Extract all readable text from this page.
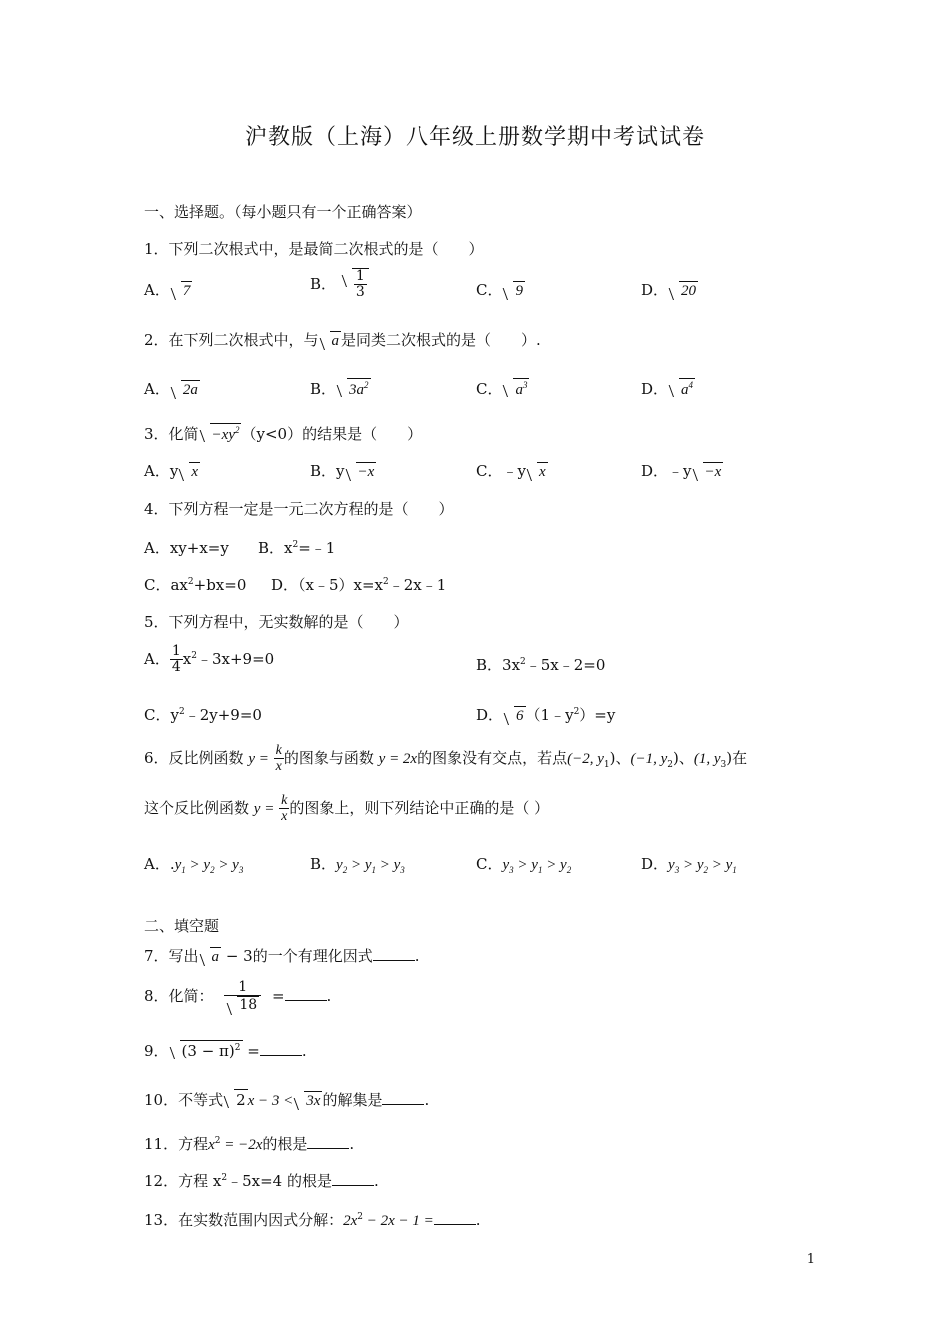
沪教版（上海）八年级上册数学期中考试试卷
一、选择题。（每小题只有一个正确答案）
1．下列二次根式中，是最简二次根式的是（　　）
A． 7	B． $\frac{1}{3}$	C． 9	D． 20
2．在下列二次根式中，与 a 是同类二次根式的是（　　）.
A． 2a	B． $3a^2$	C． $a^3$	D． $a^4$
3．化简 $-xy^2$ （y<0）的结果是（　　）
A．y x	B．y −x	C．﹣y x	D．﹣y −x
4．下列方程一定是一元二次方程的是（　　）
A．xy+x=y B．$x^2=﹣1$
C．$ax^2+bx=0$ D．$(x﹣5)x=x^2﹣2x﹣1$
5．下列方程中，无实数解的是（　　）
A． $\frac{1}{4}$ $x^2﹣3x+9=0$	B．$3x^2﹣5x﹣2=0$
C．$y^2﹣2y+9=0$	D． 6 $(1﹣y^2)=y$
6．反比例函数 $y = \frac{k}{x}$ 的图象与函数 y = 2x的图象没有交点，若点(−2, $y_1$)、(−1, $y_2$)、(1, $y_3$)在
这个反比例函数 $y = \frac{k}{x}$ 的图象上，则下列结论中正确的是（ ）
A．$.y_1 > y_2 > y_3$	B．$y_2 > y_1 > y_3$	C．$y_3 > y_1 > y_2$	D．$y_3 > y_2 > y_1$
二、填空题
7．写出 a − 3的一个有理化因式	.
8．化简： $\frac{1}{18}$ =	.
9． $(3 - \pi)^2$ =	.
10．不等式 2 x − 3 < 3x 的解集是	.
11．方程$x^2 = -2x$的根是	.
12．方程 $x^2﹣5x=4$ 的根是	.
13．在实数范围内因式分解：$2x^2 - 2x - 1$ =	.
1
